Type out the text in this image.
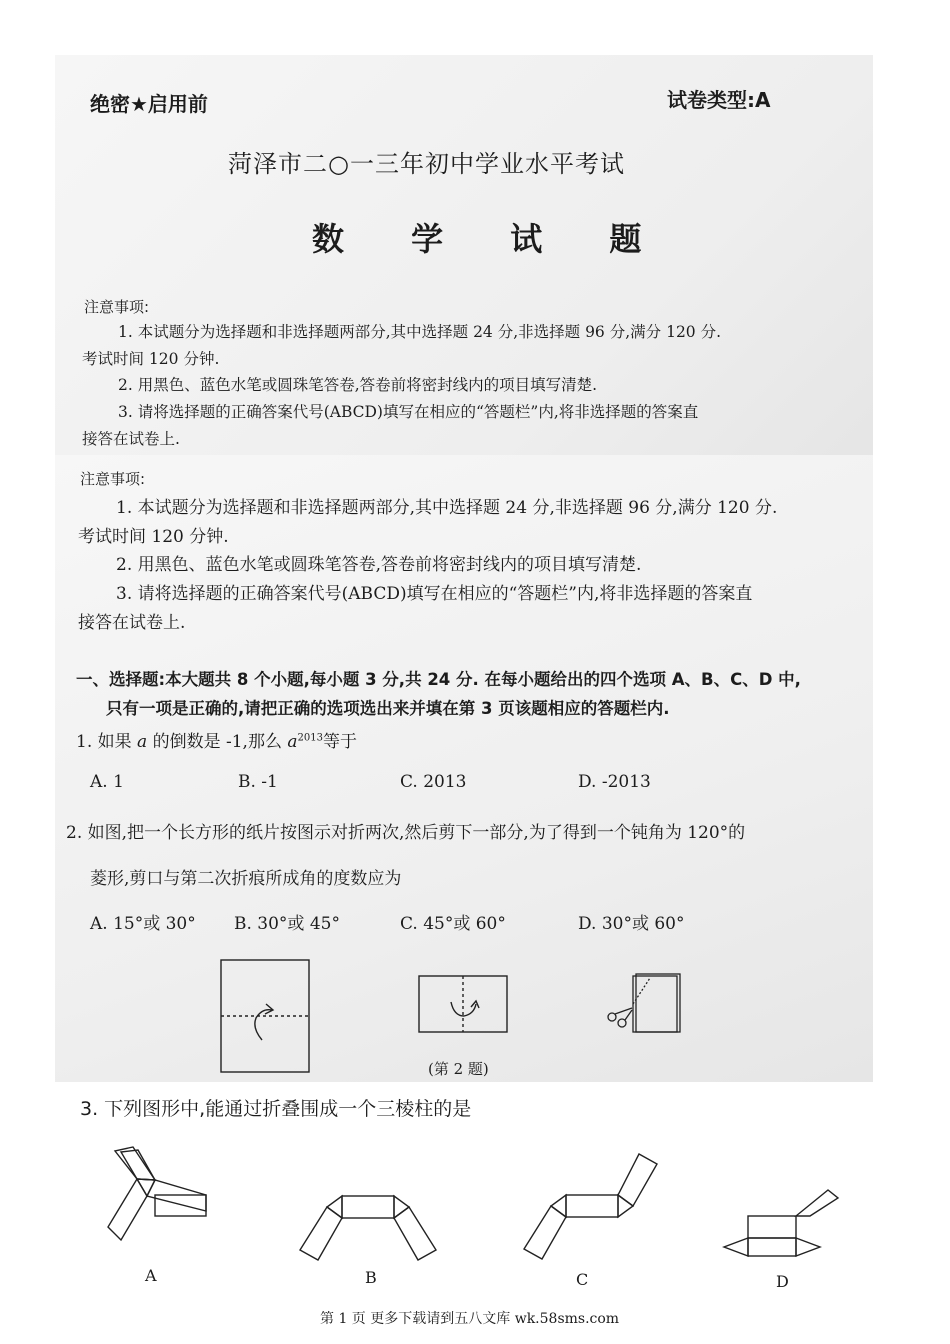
绝密★启用前	试卷类型:A
菏泽市二○一三年初中学业水平考试
数 学 试 题
注意事项:
1. 本试题分为选择题和非选择题两部分,其中选择题 24 分,非选择题 96 分,满分 120 分.
考试时间 120 分钟.
2. 用黑色、蓝色水笔或圆珠笔答卷,答卷前将密封线内的项目填写清楚.
3. 请将选择题的正确答案代号(ABCD)填写在相应的“答题栏”内,将非选择题的答案直
接答在试卷上.
注意事项:
1. 本试题分为选择题和非选择题两部分,其中选择题 24 分,非选择题 96 分,满分 120 分.
考试时间 120 分钟.
2. 用黑色、蓝色水笔或圆珠笔答卷,答卷前将密封线内的项目填写清楚.
3. 请将选择题的正确答案代号(ABCD)填写在相应的“答题栏”内,将非选择题的答案直
接答在试卷上.
一、选择题:本大题共 8 个小题,每小题 3 分,共 24 分. 在每小题给出的四个选项 A、B、C、D 中,
只有一项是正确的,请把正确的选项选出来并填在第 3 页该题相应的答题栏内.
1. 如果 a 的倒数是 -1,那么 $a^{2013}$等于
A. 1	B. -1	C. 2013	D. -2013
2. 如图,把一个长方形的纸片按图示对折两次,然后剪下一部分,为了得到一个钝角为 120°的
菱形,剪口与第二次折痕所成角的度数应为
A. 15°或 30° B. 30°或 45°	C. 45°或 60°	D. 30°或 60°
(第 2 题)
3. 下列图形中,能通过折叠围成一个三棱柱的是
A	B	C	D
第 1 页 更多下载请到五八文库 wk.58sms.com
